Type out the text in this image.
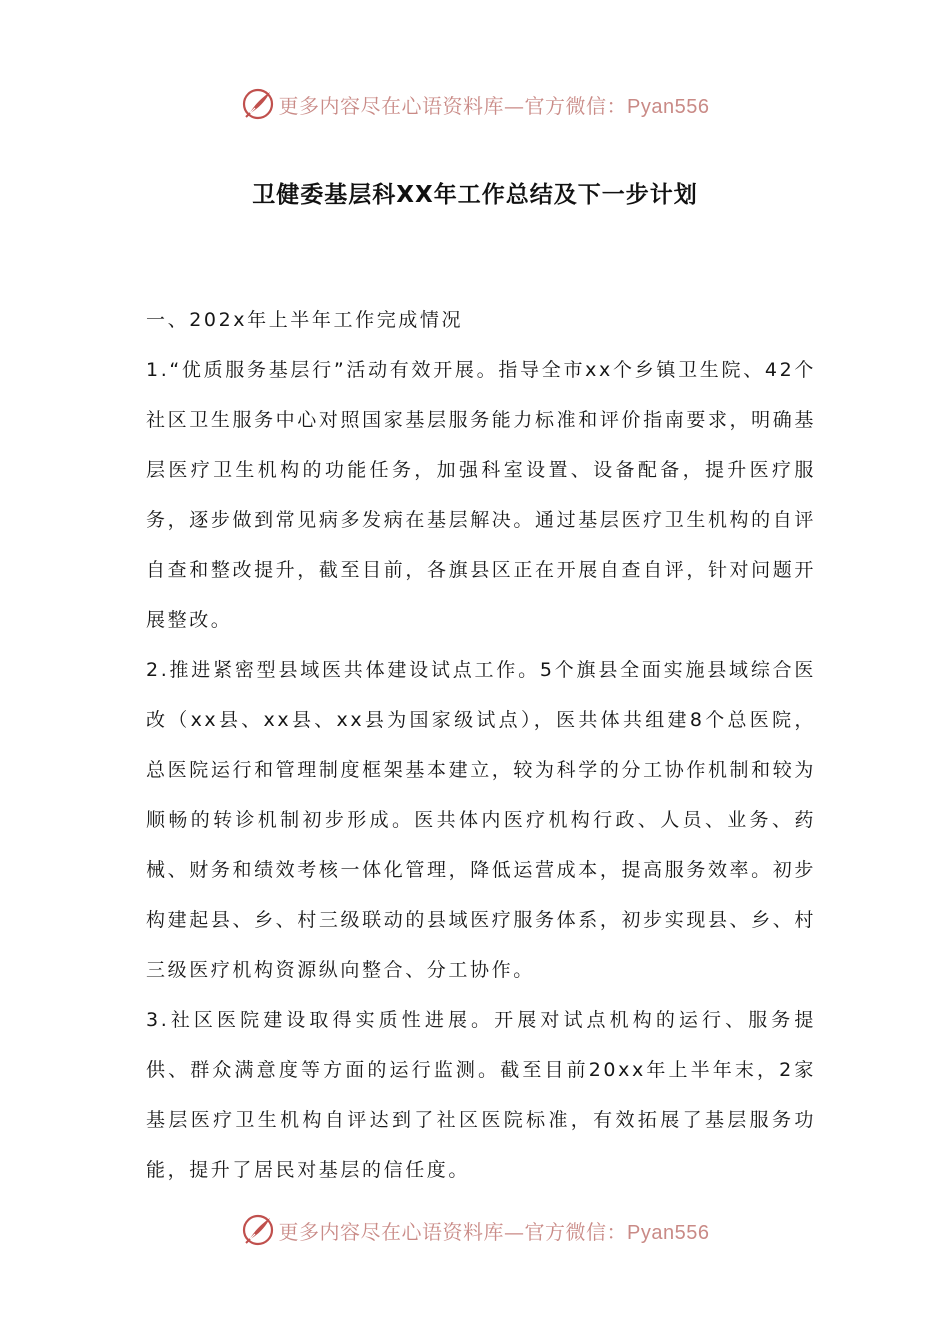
更多内容尽在心语资料库—官方微信：Pyan556
卫健委基层科XX年工作总结及下一步计划

一、202x年上半年工作完成情况

1.“优质服务基层行”活动有效开展。指导全市xx个乡镇卫生院、42个社区卫生服务中心对照国家基层服务能力标准和评价指南要求，明确基层医疗卫生机构的功能任务，加强科室设置、设备配备，提升医疗服务，逐步做到常见病多发病在基层解决。通过基层医疗卫生机构的自评自查和整改提升，截至目前，各旗县区正在开展自查自评，针对问题开展整改。

2.推进紧密型县域医共体建设试点工作。5个旗县全面实施县域综合医改（xx县、xx县、xx县为国家级试点），医共体共组建8个总医院，总医院运行和管理制度框架基本建立，较为科学的分工协作机制和较为顺畅的转诊机制初步形成。医共体内医疗机构行政、人员、业务、药械、财务和绩效考核一体化管理，降低运营成本，提高服务效率。初步构建起县、乡、村三级联动的县域医疗服务体系，初步实现县、乡、村三级医疗机构资源纵向整合、分工协作。

3.社区医院建设取得实质性进展。开展对试点机构的运行、服务提供、群众满意度等方面的运行监测。截至目前20xx年上半年末，2家基层医疗卫生机构自评达到了社区医院标准，有效拓展了基层服务功能，提升了居民对基层的信任度。

更多内容尽在心语资料库—官方微信：Pyan556
